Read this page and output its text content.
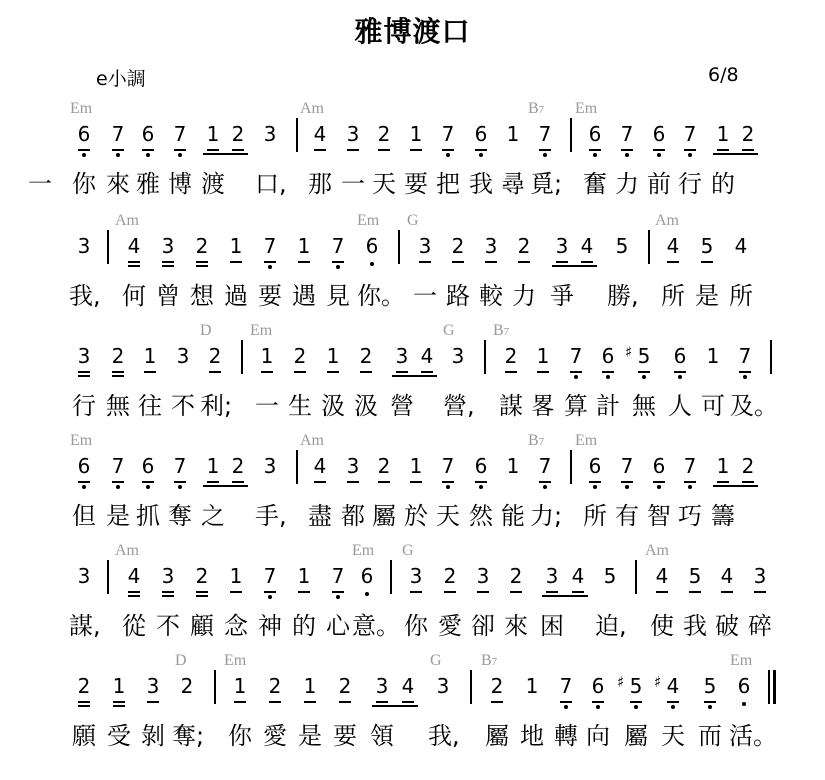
雅博渡口
e小調	6/8
Em	Am	B7 Em
6 7 6 7 1 2 3 4 3 2 1 7 6 1 7 6 7 6 7 1 2
一 你 來 雅 博 渡 口, 那 一 天 要 把 我 尋 覓; 奮 力 前 行 的
Am	Em G	Am
3 4 3 2 1 7 1 7 6 3 2 3 2 3 4 5 4 5 4
我, 何 曾 想 過 要 遇 見 你。 一 路 較 力 爭 勝, 所 是 所
D Em	G B7
3 2 1 3 2 1 2 1 2 3 4 3 2 1 7 6 5
♯ 6 1 7
行 無 往 不 利; 一 生 汲 汲 營 營, 謀 畧 算 計 無 人 可 及。
Em	Am	B7 Em
6 7 6 7 1 2 3 4 3 2 1 7 6 1 7 6 7 6 7 1 2
但 是 抓 奪 之 手, 盡 都 屬 於 天 然 能 力; 所 有 智 巧 籌
Am	Em G	Am
3 4 3 2 1 7 1 7 6 3 2 3 2 3 4 5 4 5 4 3
謀, 從 不 顧 念 神 的 心 意。 你 愛 卻 來 困 迫, 使 我 破 碎
D Em	G B7	Em
2 1 3 2 1 2 1 2 3 4 3 2 1 7 6 5
♯ 4
♯ 5 6
願 受 剝 奪; 你 愛 是 要 領 我, 屬 地 轉 向 屬 天 而 活。
